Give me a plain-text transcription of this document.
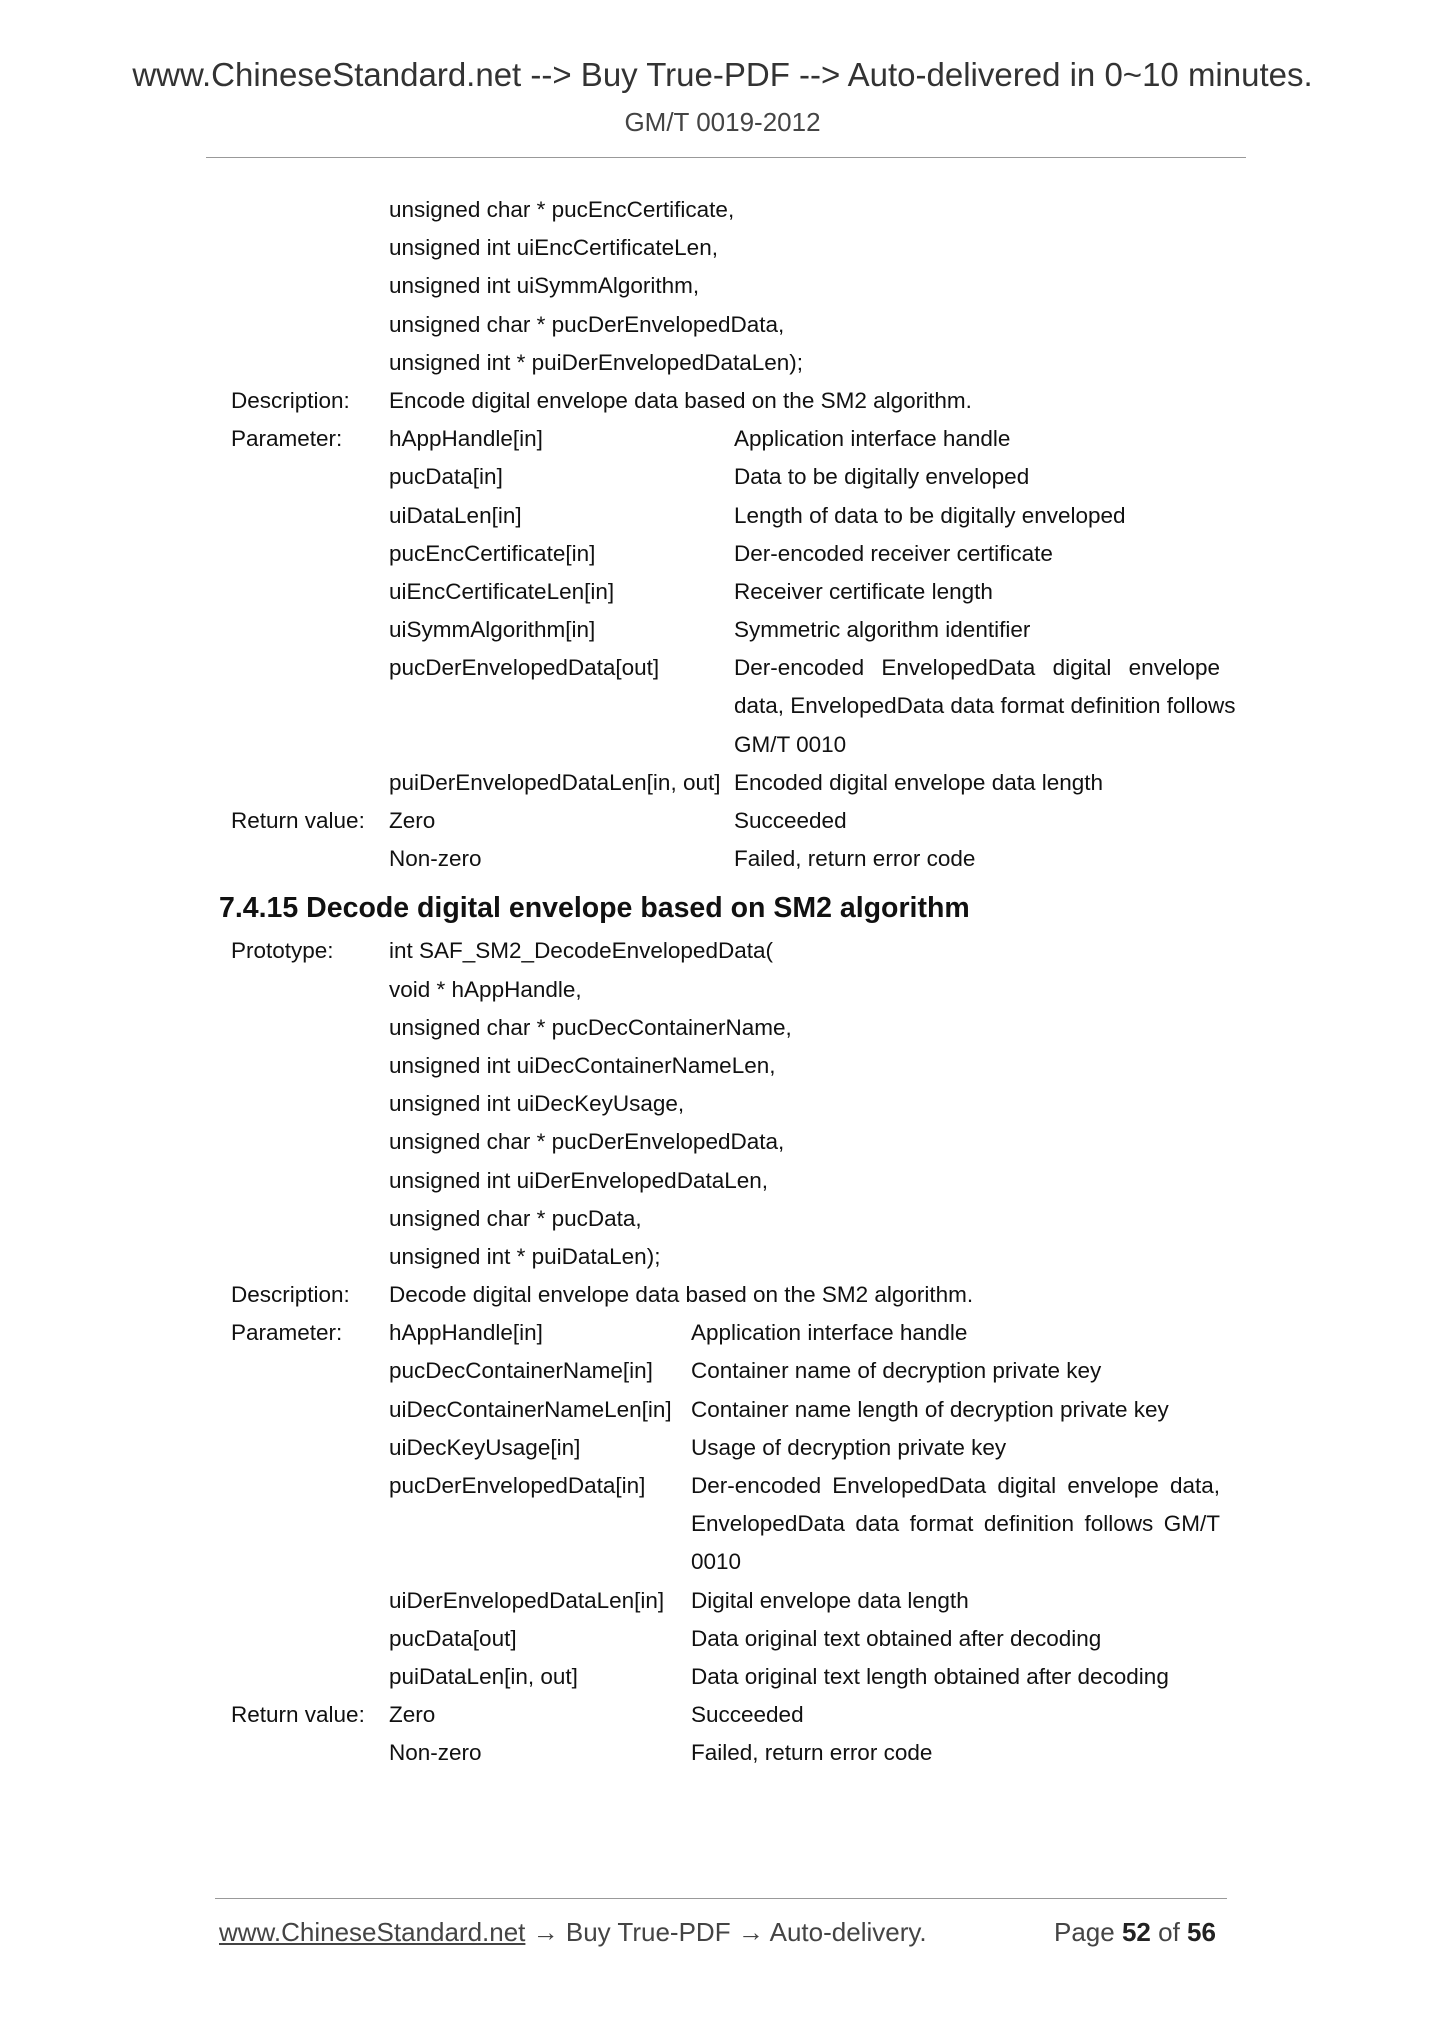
www.ChineseStandard.net --> Buy True-PDF --> Auto-delivered in 0~10 minutes.
GM/T 0019-2012
unsigned char * pucEncCertificate,
unsigned int uiEncCertificateLen,
unsigned int uiSymmAlgorithm,
unsigned char * pucDerEnvelopedData,
unsigned int * puiDerEnvelopedDataLen);
Description: Encode digital envelope data based on the SM2 algorithm.
Parameter: hAppHandle[in]	Application interface handle
pucData[in]	Data to be digitally enveloped
uiDataLen[in]	Length of data to be digitally enveloped
pucEncCertificate[in]	Der-encoded receiver certificate
uiEncCertificateLen[in]	Receiver certificate length
uiSymmAlgorithm[in]	Symmetric algorithm identifier
pucDerEnvelopedData[out]	Der-encoded EnvelopedData digital envelope
data, EnvelopedData data format definition follows
GM/T 0010
puiDerEnvelopedDataLen[in, out] Encoded digital envelope data length
Return value: Zero	Succeeded
Non-zero	Failed, return error code
7.4.15 Decode digital envelope based on SM2 algorithm
Prototype: int SAF_SM2_DecodeEnvelopedData(
void * hAppHandle,
unsigned char * pucDecContainerName,
unsigned int uiDecContainerNameLen,
unsigned int uiDecKeyUsage,
unsigned char * pucDerEnvelopedData,
unsigned int uiDerEnvelopedDataLen,
unsigned char * pucData,
unsigned int * puiDataLen);
Description: Decode digital envelope data based on the SM2 algorithm.
Parameter: hAppHandle[in]	Application interface handle
pucDecContainerName[in] Container name of decryption private key
uiDecContainerNameLen[in] Container name length of decryption private key
uiDecKeyUsage[in]	Usage of decryption private key
pucDerEnvelopedData[in] Der-encoded EnvelopedData digital envelope data,
EnvelopedData data format definition follows GM/T
0010
uiDerEnvelopedDataLen[in] Digital envelope data length
pucData[out]	Data original text obtained after decoding
puiDataLen[in, out]	Data original text length obtained after decoding
Return value: Zero	Succeeded
Non-zero	Failed, return error code
www.ChineseStandard.net → Buy True-PDF → Auto-delivery.	Page 52 of 56
